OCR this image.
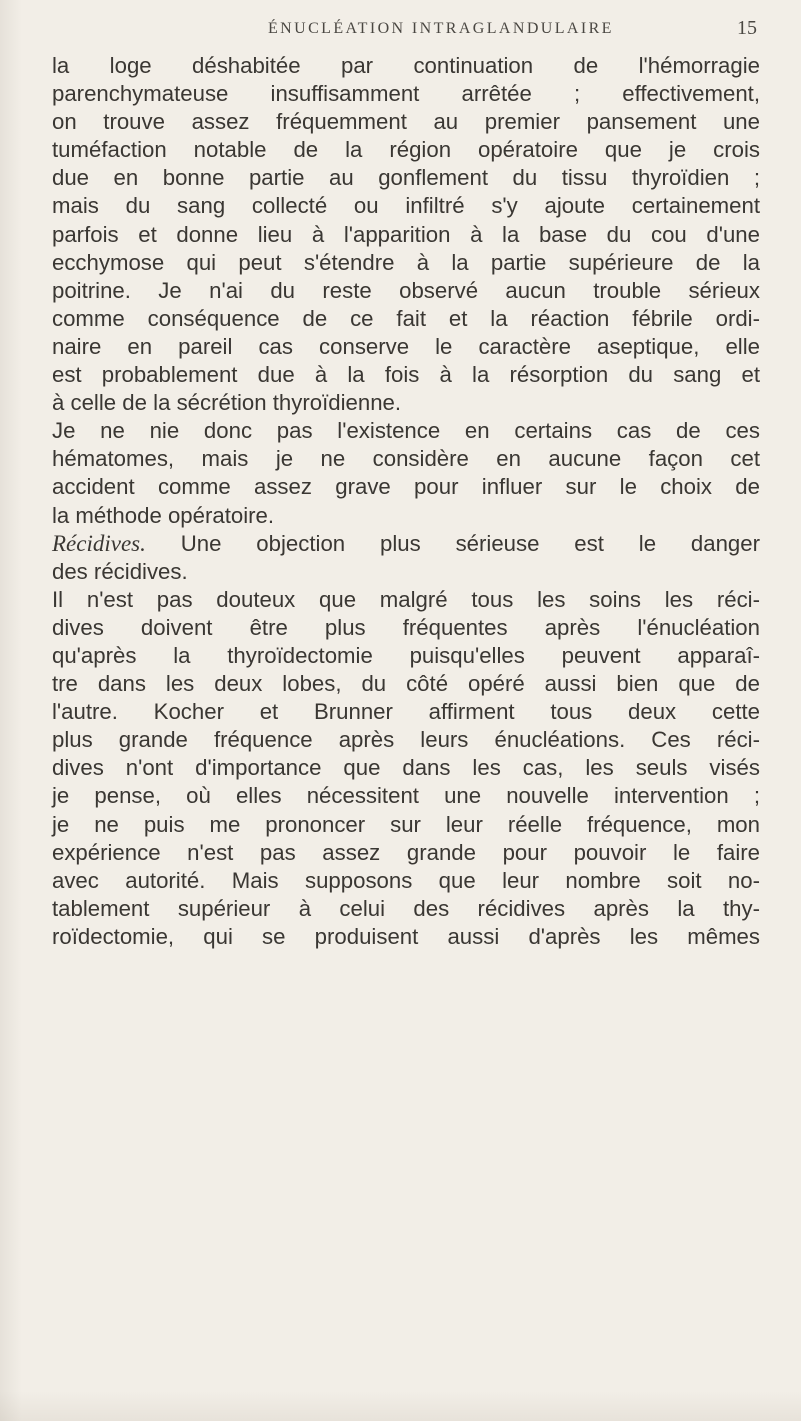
ÉNUCLÉATION INTRAGLANDULAIRE	15
la loge déshabitée par continuation de l'hémorragie
parenchymateuse insuffisamment arrêtée ; effectivement,
on trouve assez fréquemment au premier pansement une
tuméfaction notable de la région opératoire que je crois
due en bonne partie au gonflement du tissu thyroïdien ;
mais du sang collecté ou infiltré s'y ajoute certainement
parfois et donne lieu à l'apparition à la base du cou d'une
ecchymose qui peut s'étendre à la partie supérieure de la
poitrine. Je n'ai du reste observé aucun trouble sérieux
comme conséquence de ce fait et la réaction fébrile ordi-
naire en pareil cas conserve le caractère aseptique, elle
est probablement due à la fois à la résorption du sang et
à celle de la sécrétion thyroïdienne.
Je ne nie donc pas l'existence en certains cas de ces
hématomes, mais je ne considère en aucune façon cet
accident comme assez grave pour influer sur le choix de
la méthode opératoire.
Récidives. Une objection plus sérieuse est le danger
des récidives.
Il n'est pas douteux que malgré tous les soins les réci-
dives doivent être plus fréquentes après l'énucléation
qu'après la thyroïdectomie puisqu'elles peuvent apparaî-
tre dans les deux lobes, du côté opéré aussi bien que de
l'autre. Kocher et Brunner affirment tous deux cette
plus grande fréquence après leurs énucléations. Ces réci-
dives n'ont d'importance que dans les cas, les seuls visés
je pense, où elles nécessitent une nouvelle intervention ;
je ne puis me prononcer sur leur réelle fréquence, mon
expérience n'est pas assez grande pour pouvoir le faire
avec autorité. Mais supposons que leur nombre soit no-
tablement supérieur à celui des récidives après la thy-
roïdectomie, qui se produisent aussi d'après les mêmes
